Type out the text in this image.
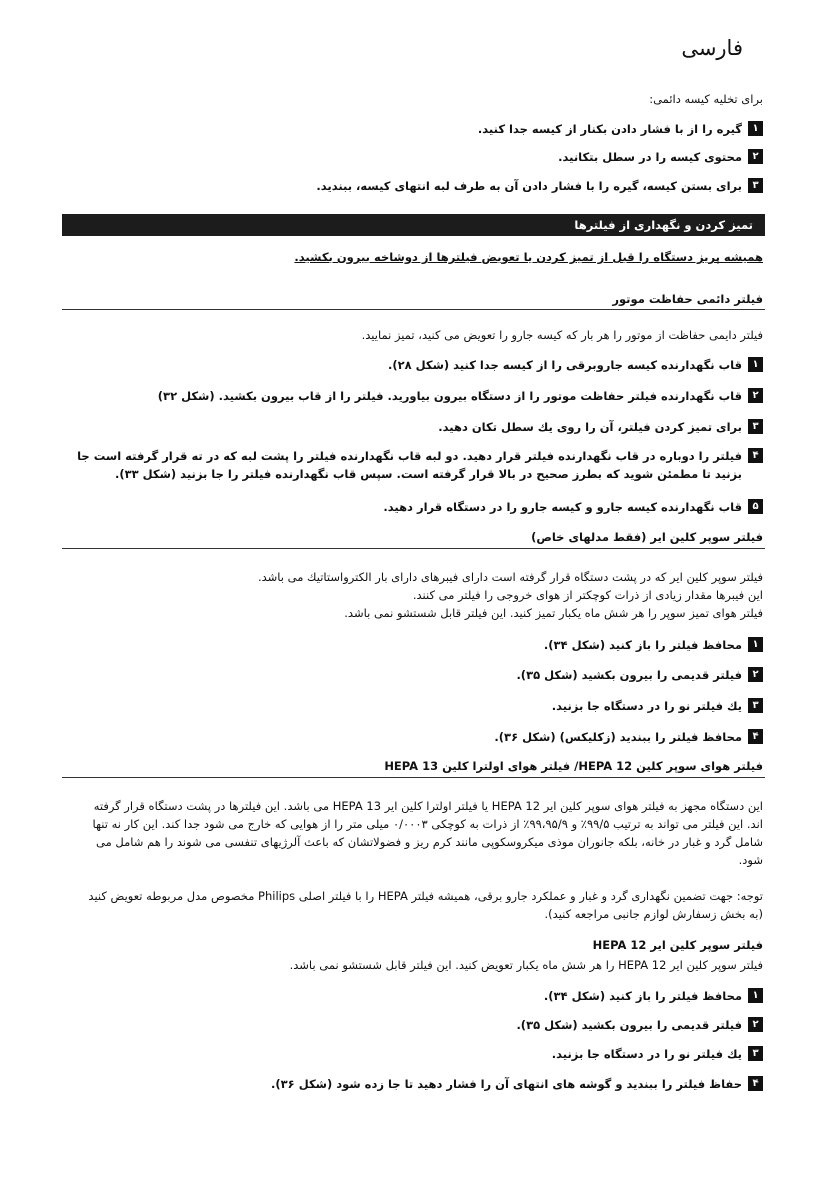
فارسی
برای تخلیه کیسه دائمی:
۱
گیره را از با فشار دادن بکنار از کیسه جدا کنید.
۲
محتوی کیسه را در سطل بتکانید.
۳
برای بستن کیسه، گیره را با فشار دادن آن به طرف لبه انتهای کیسه، ببندید.
تمیز کردن و نگهداری از فیلترها
همیشه پریز دستگاه را قبل از تمیز کردن یا تعویض فیلترها از دوشاخه بیرون بکشید.
فیلتر دائمی حفاظت موتور
فیلتر دایمی حفاظت از موتور را هر بار که کیسه جارو را تعویض می کنید، تمیز نمایید.
۱
قاب نگهدارنده کیسه جاروبرقی را از کیسه جدا کنید (شکل ۲۸).
۲
قاب نگهدارنده فیلتر حفاظت موتور را از دستگاه بیرون بیاورید. فیلتر را از قاب بیرون بکشید. (شکل ۳۲)
۳
برای تمیز کردن فیلتر، آن را روی یك سطل تكان دهید.
۴
فیلتر را دوباره در قاب نگهدارنده فیلتر قرار دهید. دو لبه قاب نگهدارنده فیلتر را پشت لبه که در ته قرار گرفته است جا بزنید تا مطمئن شوید که بطرز صحیح در بالا قرار گرفته است. سپس قاب نگهدارنده فیلتر را جا بزنید (شکل ۳۳).
۵
قاب نگهدارنده کیسه جارو و کیسه جارو را در دستگاه قرار دهید.
فیلتر سوپر کلین ایر (فقط مدلهای خاص)
فیلتر سوپر کلین ایر که در پشت دستگاه قرار گرفته است دارای فیبرهای دارای بار الکترواستاتیك می باشد.
این فیبرها مقدار زیادی از ذرات کوچکتر از هوای خروجی را فیلتر می کنند.
فیلتر هوای تمیز سوپر را هر شش ماه یکبار تمیز کنید. این فیلتر قابل شستشو نمی باشد.
۱
محافظ فیلتر را باز کنید (شکل ۳۴).
۲
فیلتر قدیمی را بیرون بکشید (شکل ۳۵).
۳
یك فیلتر نو را در دستگاه جا بزنید.
۴
محافظ فیلتر را ببندید (زکلیکس) (شکل ۳۶).
فیلتر هوای سوپر کلین HEPA 12/ فیلتر هوای اولترا کلین HEPA 13
این دستگاه مجهز به فیلتر هوای سوپر کلین ایر HEPA 12 یا فیلتر اولترا کلین ایر HEPA 13 می باشد. این فیلترها در پشت دستگاه قرار گرفته اند. این فیلتر می تواند به ترتیب ۹۹/۵٪ و ۹۹،۹۵/۹٪ از ذرات به کوچکی ۰/۰۰۰۳ میلی متر را از هوایی که خارج می شود جدا کند. این کار نه تنها شامل گرد و غبار در خانه، بلکه جانوران موذی میکروسکوپی مانند کرم ریز و فضولاتشان که باعث آلرژیهای تنفسی می شوند را هم شامل می شود.
توجه: جهت تضمین نگهداری گرد و غبار و عملکرد جارو برقی، همیشه فیلتر HEPA را با فیلتر اصلی Philips مخصوص مدل مربوطه تعویض کنید (به بخش زسفارش لوازم جانبی مراجعه کنید).
فیلتر سوپر کلین ایر HEPA 12
فیلتر سوپر کلین ایر HEPA 12 را هر شش ماه یکبار تعویض کنید. این فیلتر قابل شستشو نمی باشد.
۱
محافظ فیلتر را باز کنید (شکل ۳۴).
۲
فیلتر قدیمی را بیرون بکشید (شکل ۳۵).
۳
یك فیلتر نو را در دستگاه جا بزنید.
۴
حفاظ فیلتر را ببندید و گوشه های انتهای آن را فشار دهید تا جا زده شود (شکل ۳۶).
